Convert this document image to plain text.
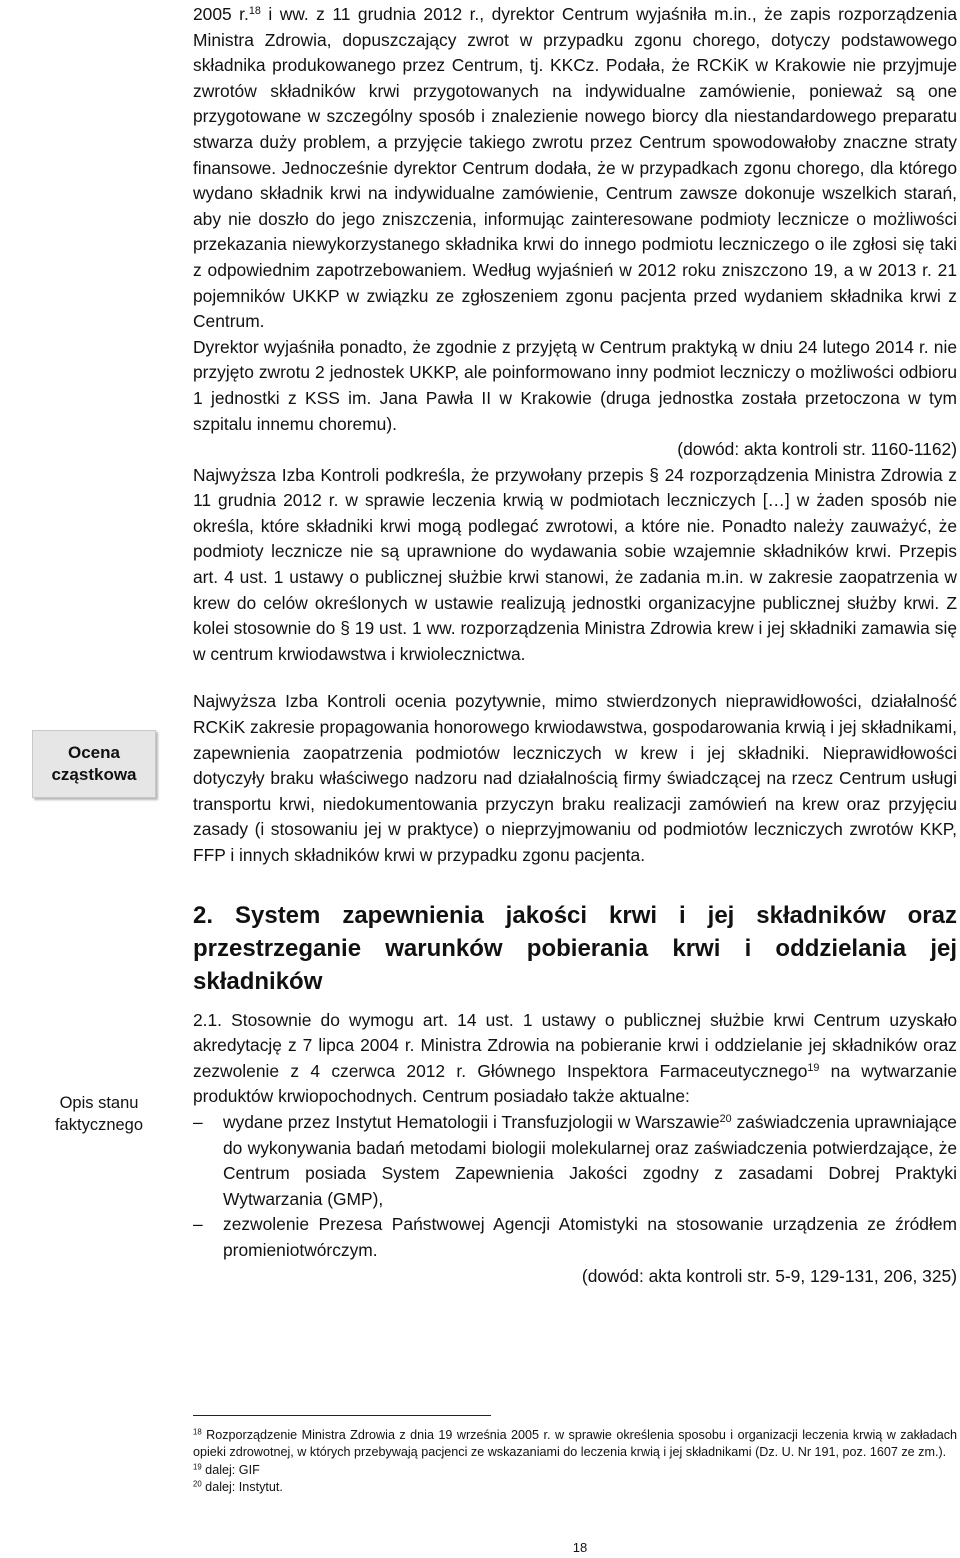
2005 r.$^{18}$ i ww. z 11 grudnia 2012 r., dyrektor Centrum wyjaśniła m.in., że zapis rozporządzenia Ministra Zdrowia, dopuszczający zwrot w przypadku zgonu chorego, dotyczy podstawowego składnika produkowanego przez Centrum, tj. KKCz. Podała, że RCKiK w Krakowie nie przyjmuje zwrotów składników krwi przygotowanych na indywidualne zamówienie, ponieważ są one przygotowane w szczególny sposób i znalezienie nowego biorcy dla niestandardowego preparatu stwarza duży problem, a przyjęcie takiego zwrotu przez Centrum spowodowałoby znaczne straty finansowe. Jednocześnie dyrektor Centrum dodała, że w przypadkach zgonu chorego, dla którego wydano składnik krwi na indywidualne zamówienie, Centrum zawsze dokonuje wszelkich starań, aby nie doszło do jego zniszczenia, informując zainteresowane podmioty lecznicze o możliwości przekazania niewykorzystanego składnika krwi do innego podmiotu leczniczego o ile zgłosi się taki z odpowiednim zapotrzebowaniem. Według wyjaśnień w 2012 roku zniszczono 19, a w 2013 r. 21 pojemników UKKP w związku ze zgłoszeniem zgonu pacjenta przed wydaniem składnika krwi z Centrum.

Dyrektor wyjaśniła ponadto, że zgodnie z przyjętą w Centrum praktyką w dniu 24 lutego 2014 r. nie przyjęto zwrotu 2 jednostek UKKP, ale poinformowano inny podmiot leczniczy o możliwości odbioru 1 jednostki z KSS im. Jana Pawła II w Krakowie (druga jednostka została przetoczona w tym szpitalu innemu choremu).

(dowód: akta kontroli str. 1160-1162)

Najwyższa Izba Kontroli podkreśla, że przywołany przepis § 24 rozporządzenia Ministra Zdrowia z 11 grudnia 2012 r. w sprawie leczenia krwią w podmiotach leczniczych […] w żaden sposób nie określa, które składniki krwi mogą podlegać zwrotowi, a które nie. Ponadto należy zauważyć, że podmioty lecznicze nie są uprawnione do wydawania sobie wzajemnie składników krwi. Przepis art. 4 ust. 1 ustawy o publicznej służbie krwi stanowi, że zadania m.in. w zakresie zaopatrzenia w krew do celów określonych w ustawie realizują jednostki organizacyjne publicznej służby krwi. Z kolei stosownie do § 19 ust. 1 ww. rozporządzenia Ministra Zdrowia krew i jej składniki zamawia się w centrum krwiodawstwa i krwiolecznictwa.

Najwyższa Izba Kontroli ocenia pozytywnie, mimo stwierdzonych nieprawidłowości, działalność RCKiK zakresie propagowania honorowego krwiodawstwa, gospodarowania krwią i jej składnikami, zapewnienia zaopatrzenia podmiotów leczniczych w krew i jej składniki. Nieprawidłowości dotyczyły braku właściwego nadzoru nad działalnością firmy świadczącej na rzecz Centrum usługi transportu krwi, niedokumentowania przyczyn braku realizacji zamówień na krew oraz przyjęciu zasady (i stosowaniu jej w praktyce) o nieprzyjmowaniu od podmiotów leczniczych zwrotów KKP, FFP i innych składników krwi w przypadku zgonu pacjenta.

2. System zapewnienia jakości krwi i jej składników oraz przestrzeganie warunków pobierania krwi i oddzielania jej składników

2.1. Stosownie do wymogu art. 14 ust. 1 ustawy o publicznej służbie krwi Centrum uzyskało akredytację z 7 lipca 2004 r. Ministra Zdrowia na pobieranie krwi i oddzielanie jej składników oraz zezwolenie z 4 czerwca 2012 r. Głównego Inspektora Farmaceutycznego$^{19}$ na wytwarzanie produktów krwiopochodnych. Centrum posiadało także aktualne:

–	wydane przez Instytut Hematologii i Transfuzjologii w Warszawie$^{20}$ zaświadczenia uprawniające do wykonywania badań metodami biologii molekularnej oraz zaświadczenia potwierdzające, że Centrum posiada System Zapewnienia Jakości zgodny z zasadami Dobrej Praktyki Wytwarzania (GMP),
–	zezwolenie Prezesa Państwowej Agencji Atomistyki na stosowanie urządzenia ze źródłem promieniotwórczym.

(dowód: akta kontroli str. 5-9, 129-131, 206, 325)

Ocena cząstkowa
Opis stanu
faktycznego

$^{18}$ Rozporządzenie Ministra Zdrowia z dnia 19 września 2005 r. w sprawie określenia sposobu i organizacji leczenia krwią w zakładach opieki zdrowotnej, w których przebywają pacjenci ze wskazaniami do leczenia krwią i jej składnikami (Dz. U. Nr 191, poz. 1607 ze zm.).

$^{19}$ dalej: GIF

$^{20}$ dalej: Instytut.

18
